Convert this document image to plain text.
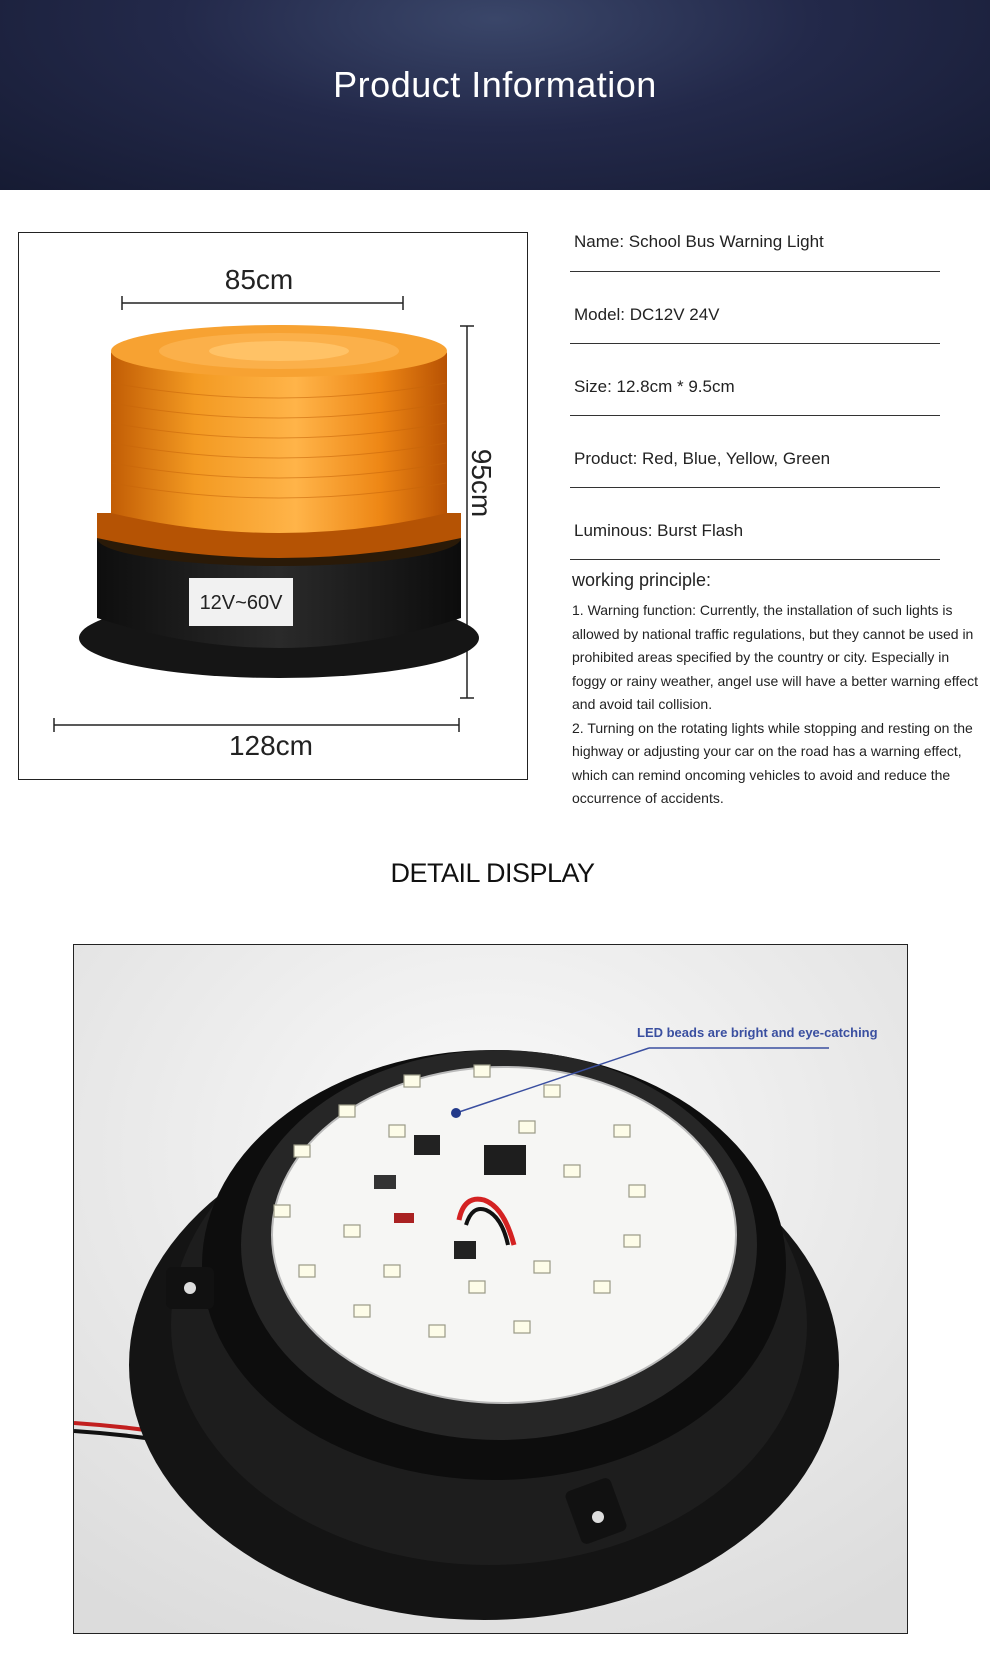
Product Information
85cm
95cm
128cm
12V~60V
Name: School Bus Warning Light
Model: DC12V 24V
Size: 12.8cm * 9.5cm
Product: Red, Blue, Yellow, Green
Luminous: Burst Flash
working principle:

1. Warning function: Currently, the installation of such lights is allowed by national traffic regulations, but they cannot be used in prohibited areas specified by the country or city. Especially in foggy or rainy weather, angel use will have a better warning effect and avoid tail collision.

2. Turning on the rotating lights while stopping and resting on the highway or adjusting your car on the road has a warning effect, which can remind oncoming vehicles to avoid and reduce the occurrence of accidents.

DETAIL DISPLAY
LED beads are bright and eye-catching
